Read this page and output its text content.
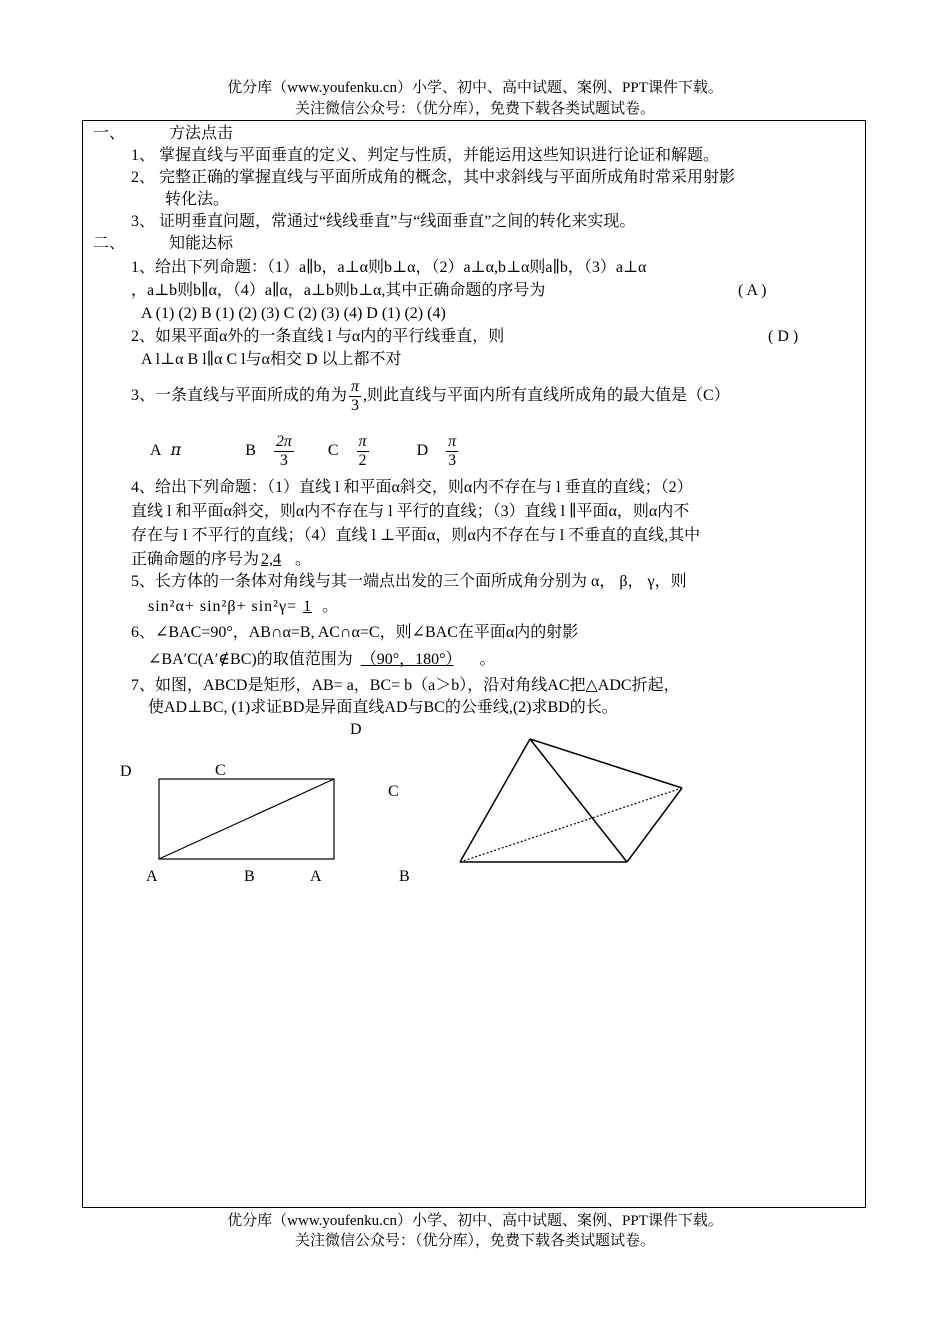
优分库（www.youfenku.cn）小学、初中、高中试题、案例、PPT课件下载。
关注微信公众号：（优分库），免费下载各类试题试卷。
一、	方法点击
1、 掌握直线与平面垂直的定义、判定与性质，并能运用这些知识进行论证和解题。
2、 完整正确的掌握直线与平面所成角的概念，其中求斜线与平面所成角时常采用射影
转化法。
3、 证明垂直问题，常通过“线线垂直”与“线面垂直”之间的转化来实现。
二、	知能达标
1、给出下列命题：（1）a∥b，a⊥α则b⊥α，（2）a⊥α,b⊥α则a∥b，（3）a⊥α
，a⊥b则b∥α，（4）a∥α，a⊥b则b⊥α,其中正确命题的序号为	( A )
A (1) (2) B (1) (2) (3) C (2) (3) (4) D (1) (2) (4)
2、如果平面α外的一条直线 l 与α内的平行线垂直，则	( D )
A l⊥α B l∥α C l与α相交 D 以上都不对
3、一条直线与平面所成的角为 $\frac{\pi}{3}$ ,则此直线与平面内所有直线所成角的最大值是（C）
A π	B $\frac{2\pi}{3}$ C $\frac{\pi}{2}$	D $\frac{\pi}{3}$
4、给出下列命题：（1）直线 l 和平面α斜交，则α内不存在与 l 垂直的直线；（2）
直线 l 和平面α斜交，则α内不存在与 l 平行的直线；（3）直线 l ∥平面α，则α内不
存在与 l 不平行的直线；（4）直线 l ⊥平面α，则α内不存在与 l 不垂直的直线,其中
正确命题的序号为 2,4 。
5、长方体的一条体对角线与其一端点出发的三个面所成角分别为 α， β， γ，则
sin²α+ sin²β+ sin²γ= 1 。
6、∠BAC=90°，AB∩α=B, AC∩α=C，则∠BAC在平面α内的射影
∠BA′C(A′∉BC)的取值范围为 （90°，180°） 。
7、如图，ABCD是矩形，AB= a，BC= b（a＞b），沿对角线AC把△ADC折起，
使AD⊥BC, (1)求证BD是异面直线AD与BC的公垂线,(2)求BD的长。
D	C
A	B	A
C
B
D
优分库（www.youfenku.cn）小学、初中、高中试题、案例、PPT课件下载。
关注微信公众号：（优分库），免费下载各类试题试卷。
